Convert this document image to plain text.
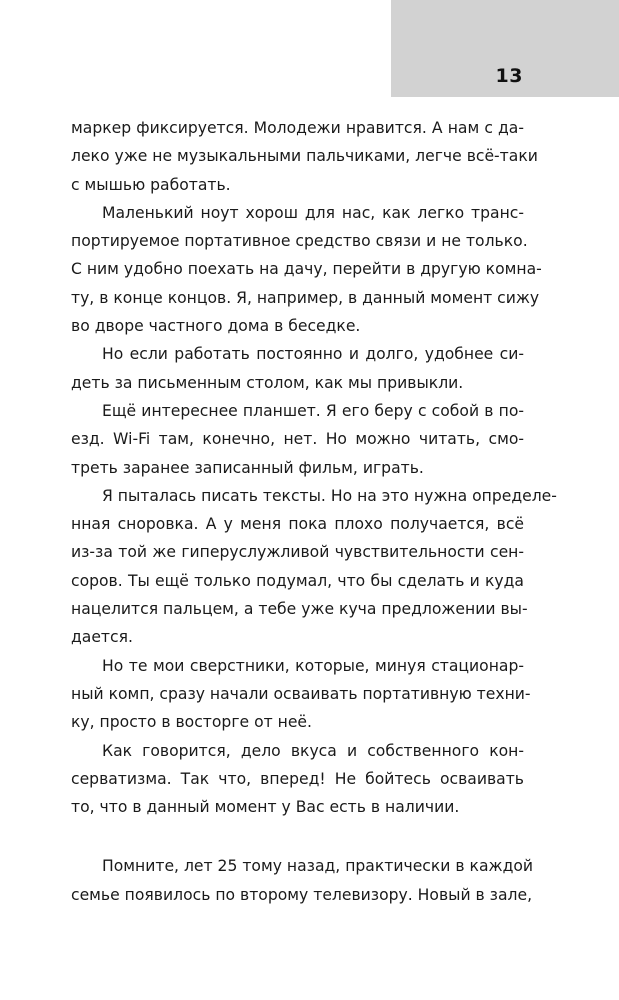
13
маркер фиксируется. Молодежи нравится. А нам с да-
леко уже не музыкальными пальчиками, легче всё-таки
с мышью работать.
Маленький ноут хорош для нас, как легко транс-
портируемое портативное средство связи и не только.
С ним удобно поехать на дачу, перейти в другую комна-
ту, в конце концов. Я, например, в данный момент сижу
во дворе частного дома в беседке.
Но если работать постоянно и долго, удобнее си-
деть за письменным столом, как мы привыкли.
Ещё интереснее планшет. Я его беру с собой в по-
езд. Wi-Fi там, конечно, нет. Но можно читать, смо-
треть заранее записанный фильм, играть.
Я пыталась писать тексты. Но на это нужна определе-
нная сноровка. А у меня пока плохо получается, всё
из-за той же гиперуслужливой чувствительности сен-
соров. Ты ещё только подумал, что бы сделать и куда
нацелится пальцем, а тебе уже куча предложении вы-
дается.
Но те мои сверстники, которые, минуя стационар-
ный комп, сразу начали осваивать портативную техни-
ку, просто в восторге от неё.
Как говорится, дело вкуса и собственного кон-
серватизма. Так что, вперед! Не бойтесь осваивать
то, что в данный момент у Вас есть в наличии.
Помните, лет 25 тому назад, практически в каждой
семье появилось по второму телевизору. Новый в зале,
